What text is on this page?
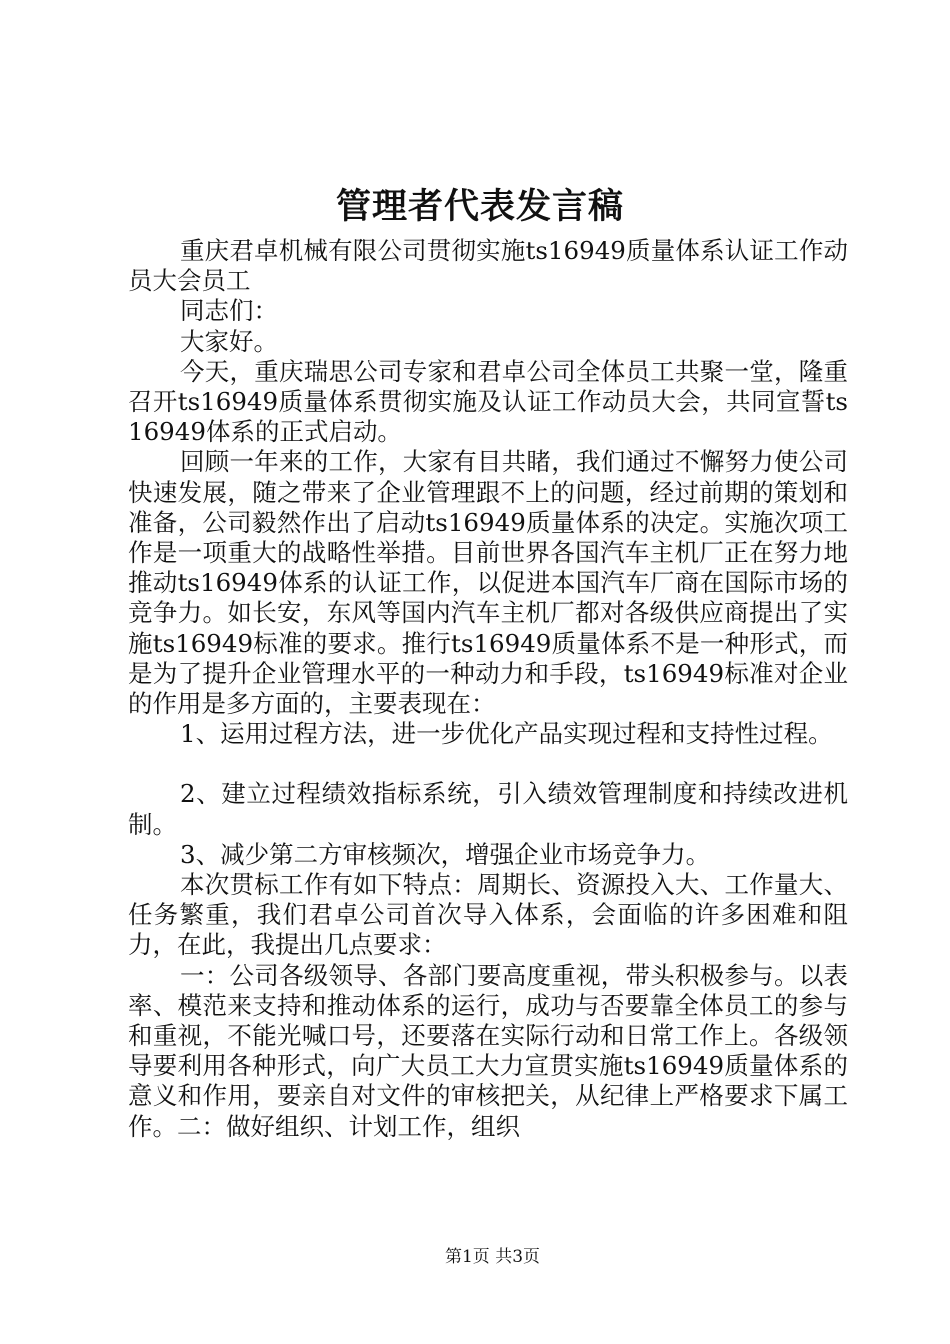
管理者代表发言稿

重庆君卓机械有限公司贯彻实施ts16949质量体系认证工作动员大会员工

同志们：

大家好。

今天，重庆瑞思公司专家和君卓公司全体员工共聚一堂，隆重召开ts16949质量体系贯彻实施及认证工作动员大会，共同宣誓ts16949体系的正式启动。

回顾一年来的工作，大家有目共睹，我们通过不懈努力使公司快速发展，随之带来了企业管理跟不上的问题，经过前期的策划和准备，公司毅然作出了启动ts16949质量体系的决定。实施次项工作是一项重大的战略性举措。目前世界各国汽车主机厂正在努力地推动ts16949体系的认证工作，以促进本国汽车厂商在国际市场的竞争力。如长安，东风等国内汽车主机厂都对各级供应商提出了实施ts16949标准的要求。推行ts16949质量体系不是一种形式，而是为了提升企业管理水平的一种动力和手段，ts16949标准对企业的作用是多方面的，主要表现在：

1、运用过程方法，进一步优化产品实现过程和支持性过程。

2、建立过程绩效指标系统，引入绩效管理制度和持续改进机制。

3、减少第二方审核频次，增强企业市场竞争力。

本次贯标工作有如下特点：周期长、资源投入大、工作量大、任务繁重，我们君卓公司首次导入体系，会面临的许多困难和阻力，在此，我提出几点要求：

一：公司各级领导、各部门要高度重视，带头积极参与。以表率、模范来支持和推动体系的运行，成功与否要靠全体员工的参与和重视，不能光喊口号，还要落在实际行动和日常工作上。各级领导要利用各种形式，向广大员工大力宣贯实施ts16949质量体系的意义和作用，要亲自对文件的审核把关，从纪律上严格要求下属工作。二：做好组织、计划工作，组织

第1页 共3页
